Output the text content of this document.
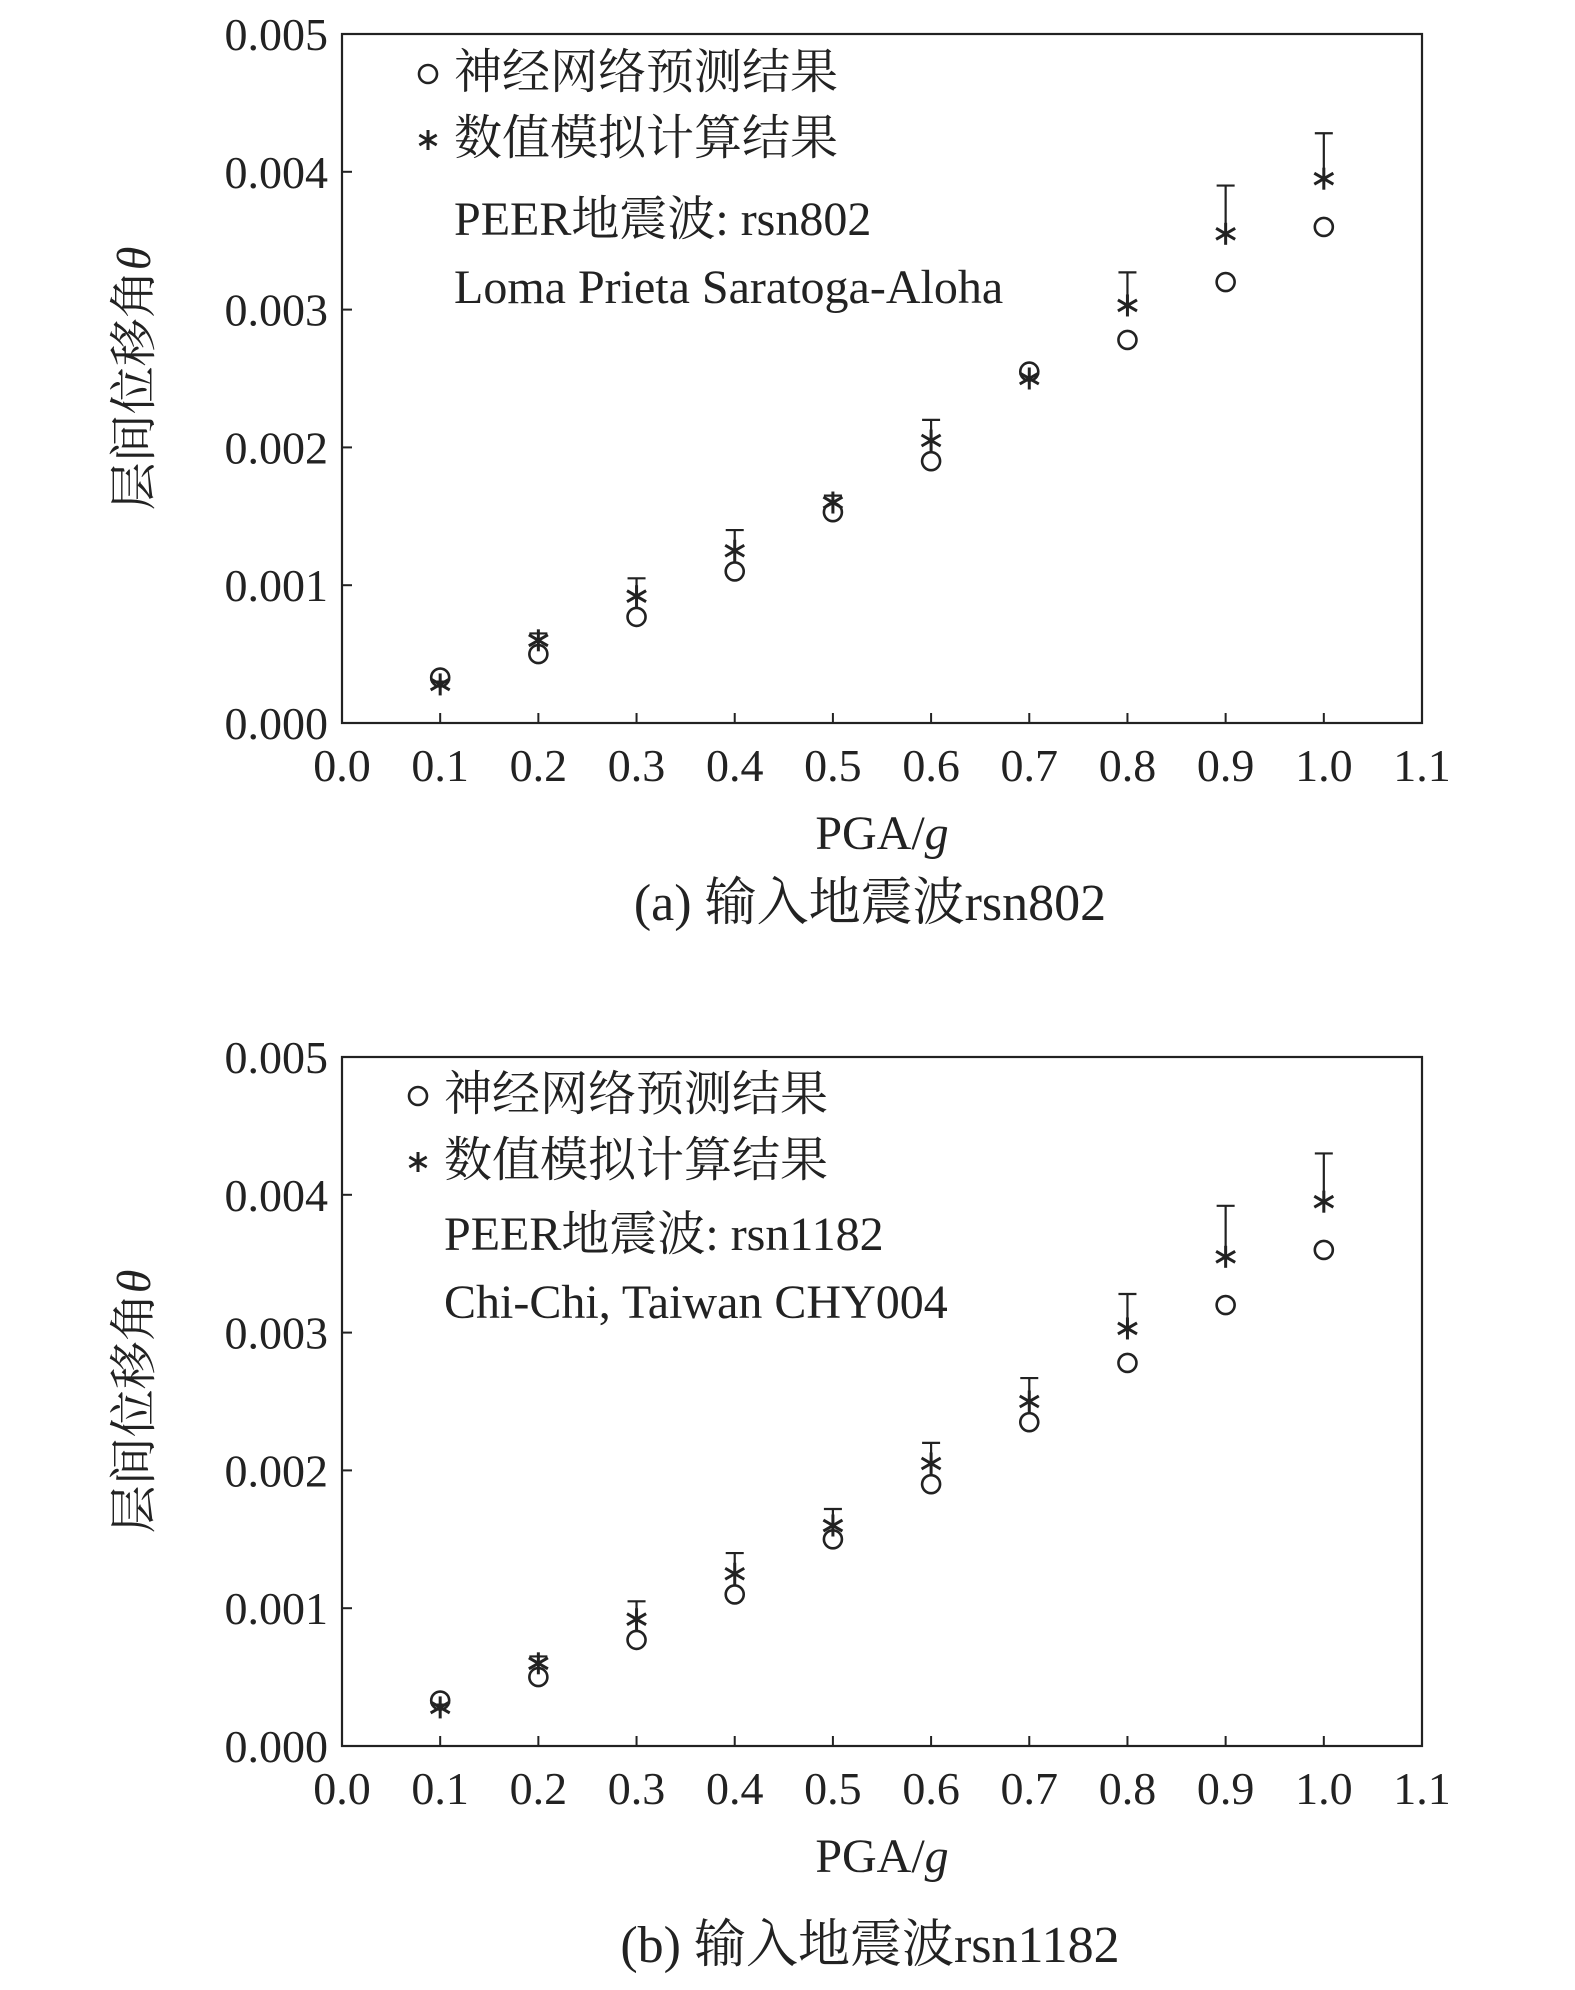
0.0 0.1 0.2 0.3 0.4 0.5 0.6 0.7 0.8 0.9 1.0 1.1
0.000
0.001
0.002
0.003
0.004
0.005
PGA/g
层间位移角θ
神经网络预测结果
数值模拟计算结果
PEER地震波: rsn802
Loma Prieta Saratoga-Aloha
(a) 输入地震波rsn802
0.0 0.1 0.2 0.3 0.4 0.5 0.6 0.7 0.8 0.9 1.0 1.1
0.000
0.001
0.002
0.003
0.004
0.005
PGA/g
层间位移角θ
神经网络预测结果
数值模拟计算结果
PEER地震波: rsn1182
Chi-Chi, Taiwan CHY004
(b) 输入地震波rsn1182
